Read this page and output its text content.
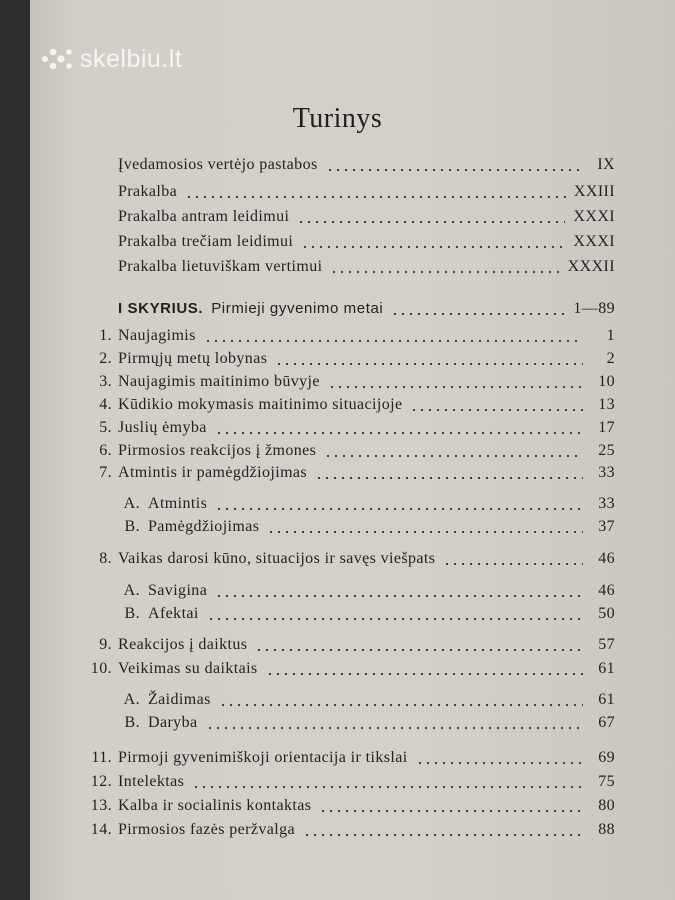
skelbiu.lt
Turinys
Įvedamosios vertėjo pastabos	IX
Prakalba	XXIII
Prakalba antram leidimui	XXXI
Prakalba trečiam leidimui	XXXI
Prakalba lietuviškam vertimui	XXXII
I SKYRIUS. Pirmieji gyvenimo metai	1—89
1. Naujagimis	1
2. Pirmųjų metų lobynas	2
3. Naujagimis maitinimo būvyje	10
4. Kūdikio mokymasis maitinimo situacijoje	13
5. Juslių ėmyba	17
6. Pirmosios reakcijos į žmones	25
7. Atmintis ir pamėgdžiojimas	33
A. Atmintis	33
B. Pamėgdžiojimas	37
8. Vaikas darosi kūno, situacijos ir savęs viešpats	46
A. Savigina	46
B. Afektai	50
9. Reakcijos į daiktus	57
10. Veikimas su daiktais	61
A. Žaidimas	61
B. Daryba	67
11. Pirmoji gyvenimiškoji orientacija ir tikslai	69
12. Intelektas	75
13. Kalba ir socialinis kontaktas	80
14. Pirmosios fazės peržvalga	88
